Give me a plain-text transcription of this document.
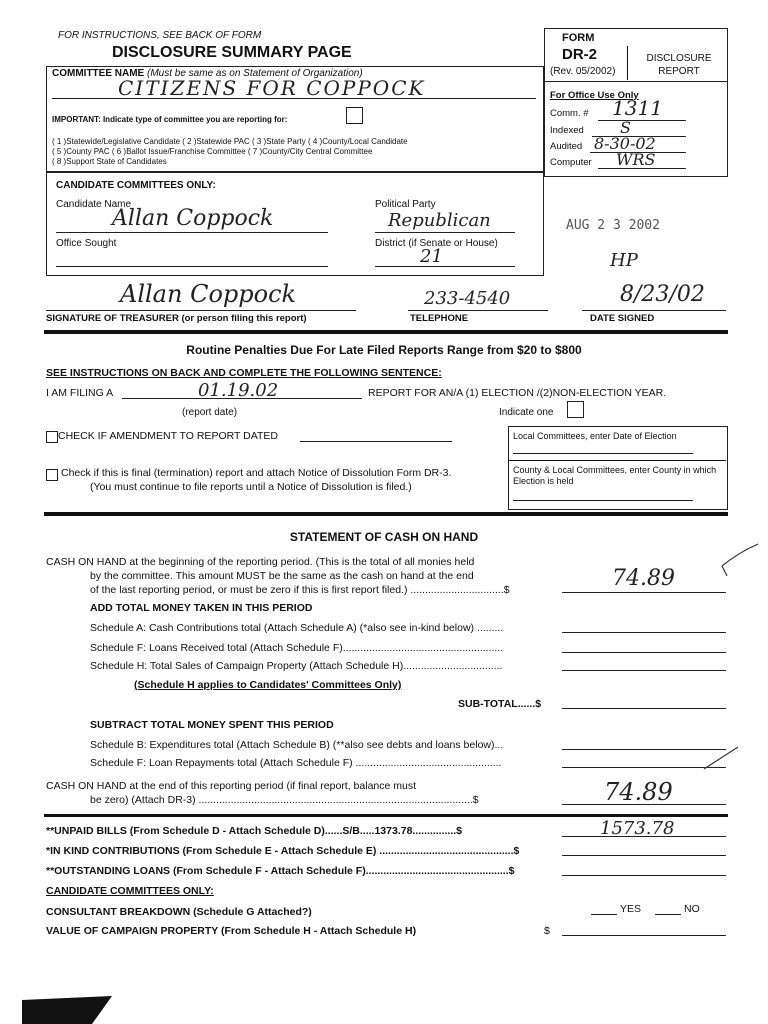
FOR INSTRUCTIONS, SEE BACK OF FORM
DISCLOSURE SUMMARY PAGE
FORM
DR-2
(Rev. 05/2002)
DISCLOSURE REPORT
For Office Use Only
Comm. # 1311
Indexed S
Audited 8-30-02
Computer WRS
COMMITTEE NAME (Must be same as on Statement of Organization)
CITIZENS FOR COPPOCK
IMPORTANT: Indicate type of committee you are reporting for:
( 1 )Statewide/Legislative Candidate ( 2 )Statewide PAC ( 3 )State Party ( 4 )County/Local Candidate
( 5 )County PAC ( 6 )Ballot Issue/Franchise Committee ( 7 )County/City Central Committee
( 8 )Support State of Candidates
CANDIDATE COMMITTEES ONLY:
Candidate Name
Allan Coppock
Political Party
Republican
Office Sought	District (if Senate or House)
21
AUG 2 3 2002
HP
Allan Coppock
SIGNATURE OF TREASURER (or person filing this report)
233-4540
TELEPHONE
8/23/02
DATE SIGNED
Routine Penalties Due For Late Filed Reports Range from $20 to $800
SEE INSTRUCTIONS ON BACK AND COMPLETE THE FOLLOWING SENTENCE:
I AM FILING A	01.19.02	REPORT FOR AN/A (1) ELECTION /(2)NON-ELECTION YEAR.
(report date)	Indicate one
CHECK IF AMENDMENT TO REPORT DATED	Local Committees, enter Date of Election
County & Local Committees, enter County in which Election is held
Check if this is final (termination) report and attach Notice of Dissolution Form DR-3.
(You must continue to file reports until a Notice of Dissolution is filed.)
STATEMENT OF CASH ON HAND
CASH ON HAND at the beginning of the reporting period. (This is the total of all monies held
by the committee. This amount MUST be the same as the cash on hand at the end
of the last reporting period, or must be zero if this is first report filed.) ................................$	74.89
ADD TOTAL MONEY TAKEN IN THIS PERIOD
Schedule A: Cash Contributions total (Attach Schedule A) (*also see in-kind below) .........
Schedule F: Loans Received total (Attach Schedule F).......................................................
Schedule H: Total Sales of Campaign Property (Attach Schedule H)..................................
(Schedule H applies to Candidates' Committees Only)
SUB-TOTAL......$
SUBTRACT TOTAL MONEY SPENT THIS PERIOD
Schedule B: Expenditures total (Attach Schedule B) (**also see debts and loans below)...
Schedule F: Loan Repayments total (Attach Schedule F) ..................................................
CASH ON HAND at the end of this reporting period (if final report, balance must
be zero) (Attach DR-3) ..............................................................................................$	74.89
**UNPAID BILLS (From Schedule D - Attach Schedule D)......S/B.....1373.78...............$	1573.78
*IN KIND CONTRIBUTIONS (From Schedule E - Attach Schedule E) ..............................................$
**OUTSTANDING LOANS (From Schedule F - Attach Schedule F).................................................$
CANDIDATE COMMITTEES ONLY:
CONSULTANT BREAKDOWN (Schedule G Attached?)	YES	NO
VALUE OF CAMPAIGN PROPERTY (From Schedule H - Attach Schedule H)	$
